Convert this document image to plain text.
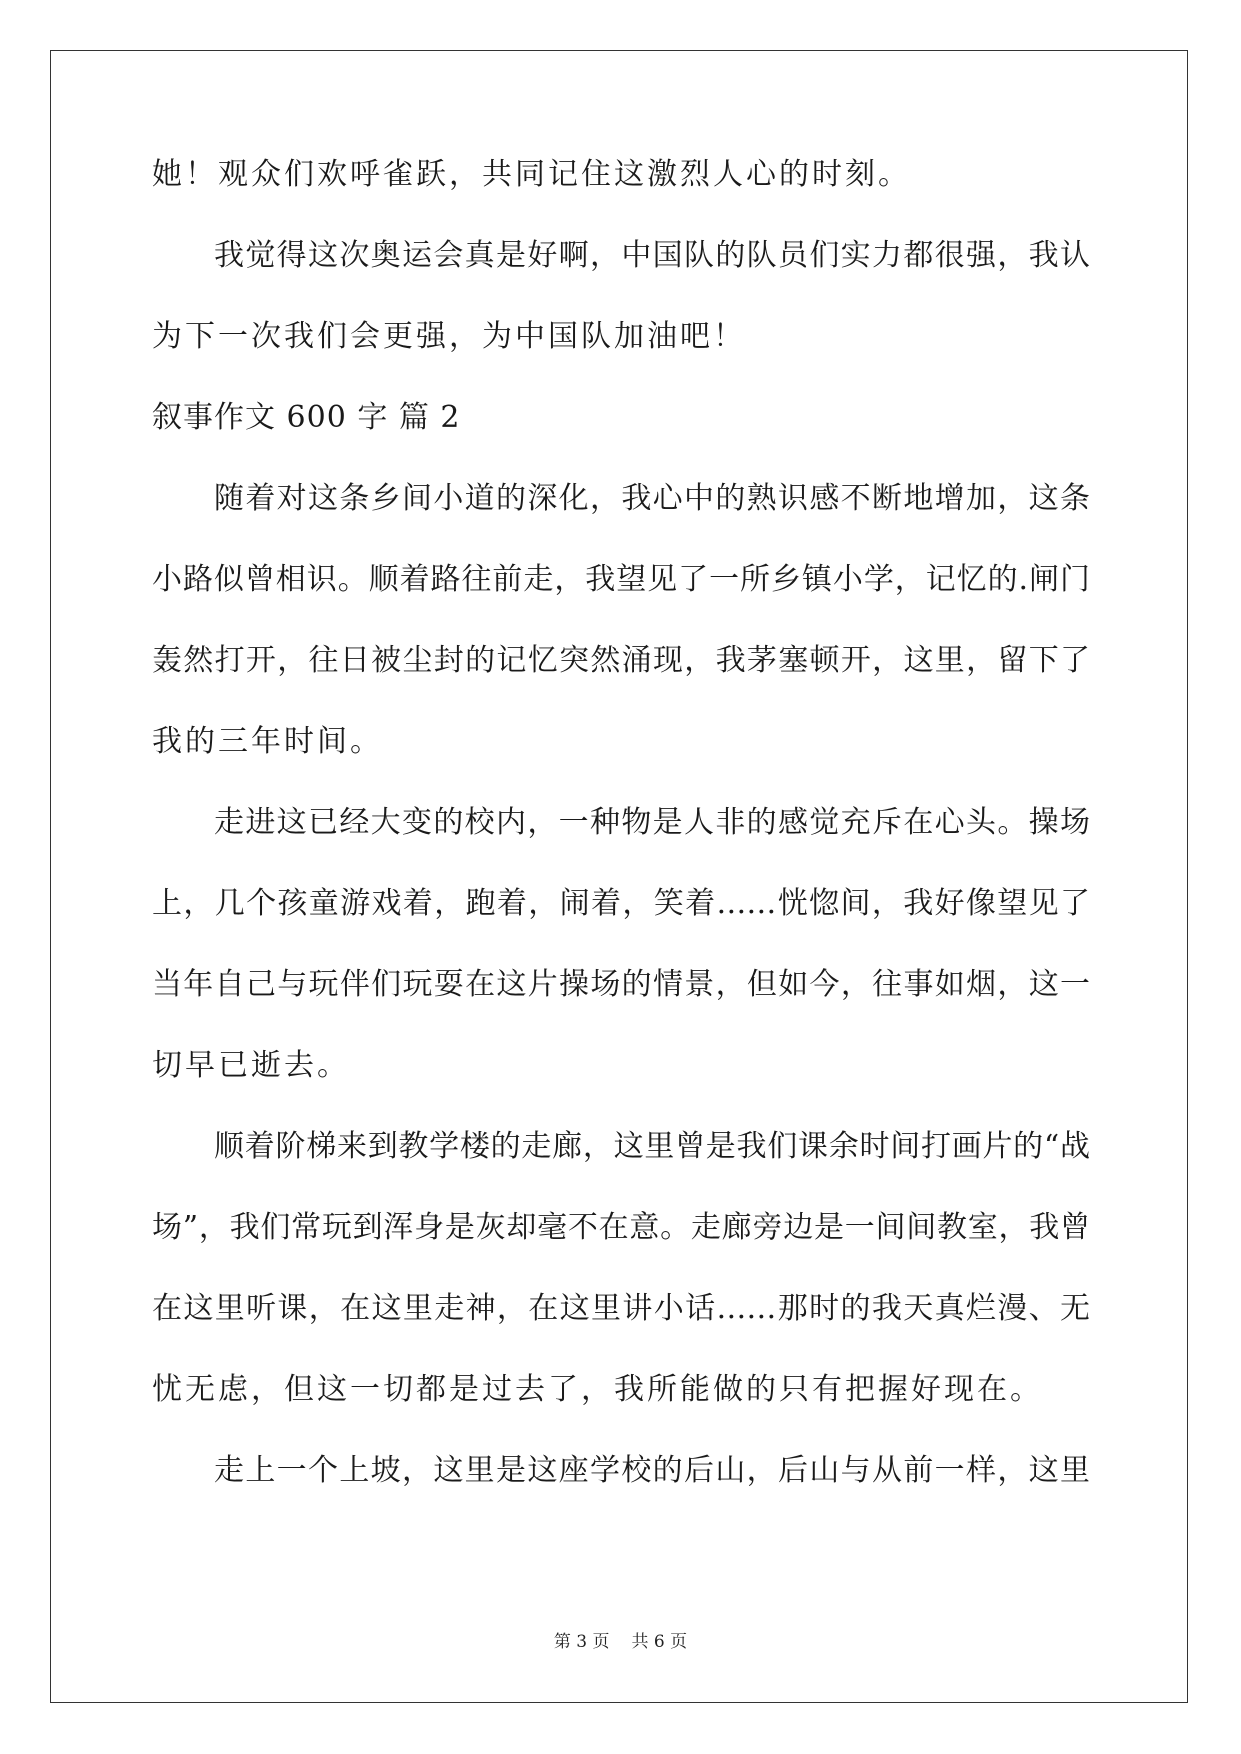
她！观众们欢呼雀跃，共同记住这激烈人心的时刻。
我觉得这次奥运会真是好啊，中国队的队员们实力都很强，我认
为下一次我们会更强，为中国队加油吧！
叙事作文 600 字 篇 2
随着对这条乡间小道的深化，我心中的熟识感不断地增加，这条
小路似曾相识。顺着路往前走，我望见了一所乡镇小学，记忆的.闸门
轰然打开，往日被尘封的记忆突然涌现，我茅塞顿开，这里，留下了
我的三年时间。
走进这已经大变的校内，一种物是人非的感觉充斥在心头。操场
上，几个孩童游戏着，跑着，闹着，笑着……恍惚间，我好像望见了
当年自己与玩伴们玩耍在这片操场的情景，但如今，往事如烟，这一
切早已逝去。
顺着阶梯来到教学楼的走廊，这里曾是我们课余时间打画片的“战
场”，我们常玩到浑身是灰却毫不在意。走廊旁边是一间间教室，我曾
在这里听课，在这里走神，在这里讲小话……那时的我天真烂漫、无
忧无虑，但这一切都是过去了，我所能做的只有把握好现在。
走上一个上坡，这里是这座学校的后山，后山与从前一样，这里
第 3 页 共 6 页
